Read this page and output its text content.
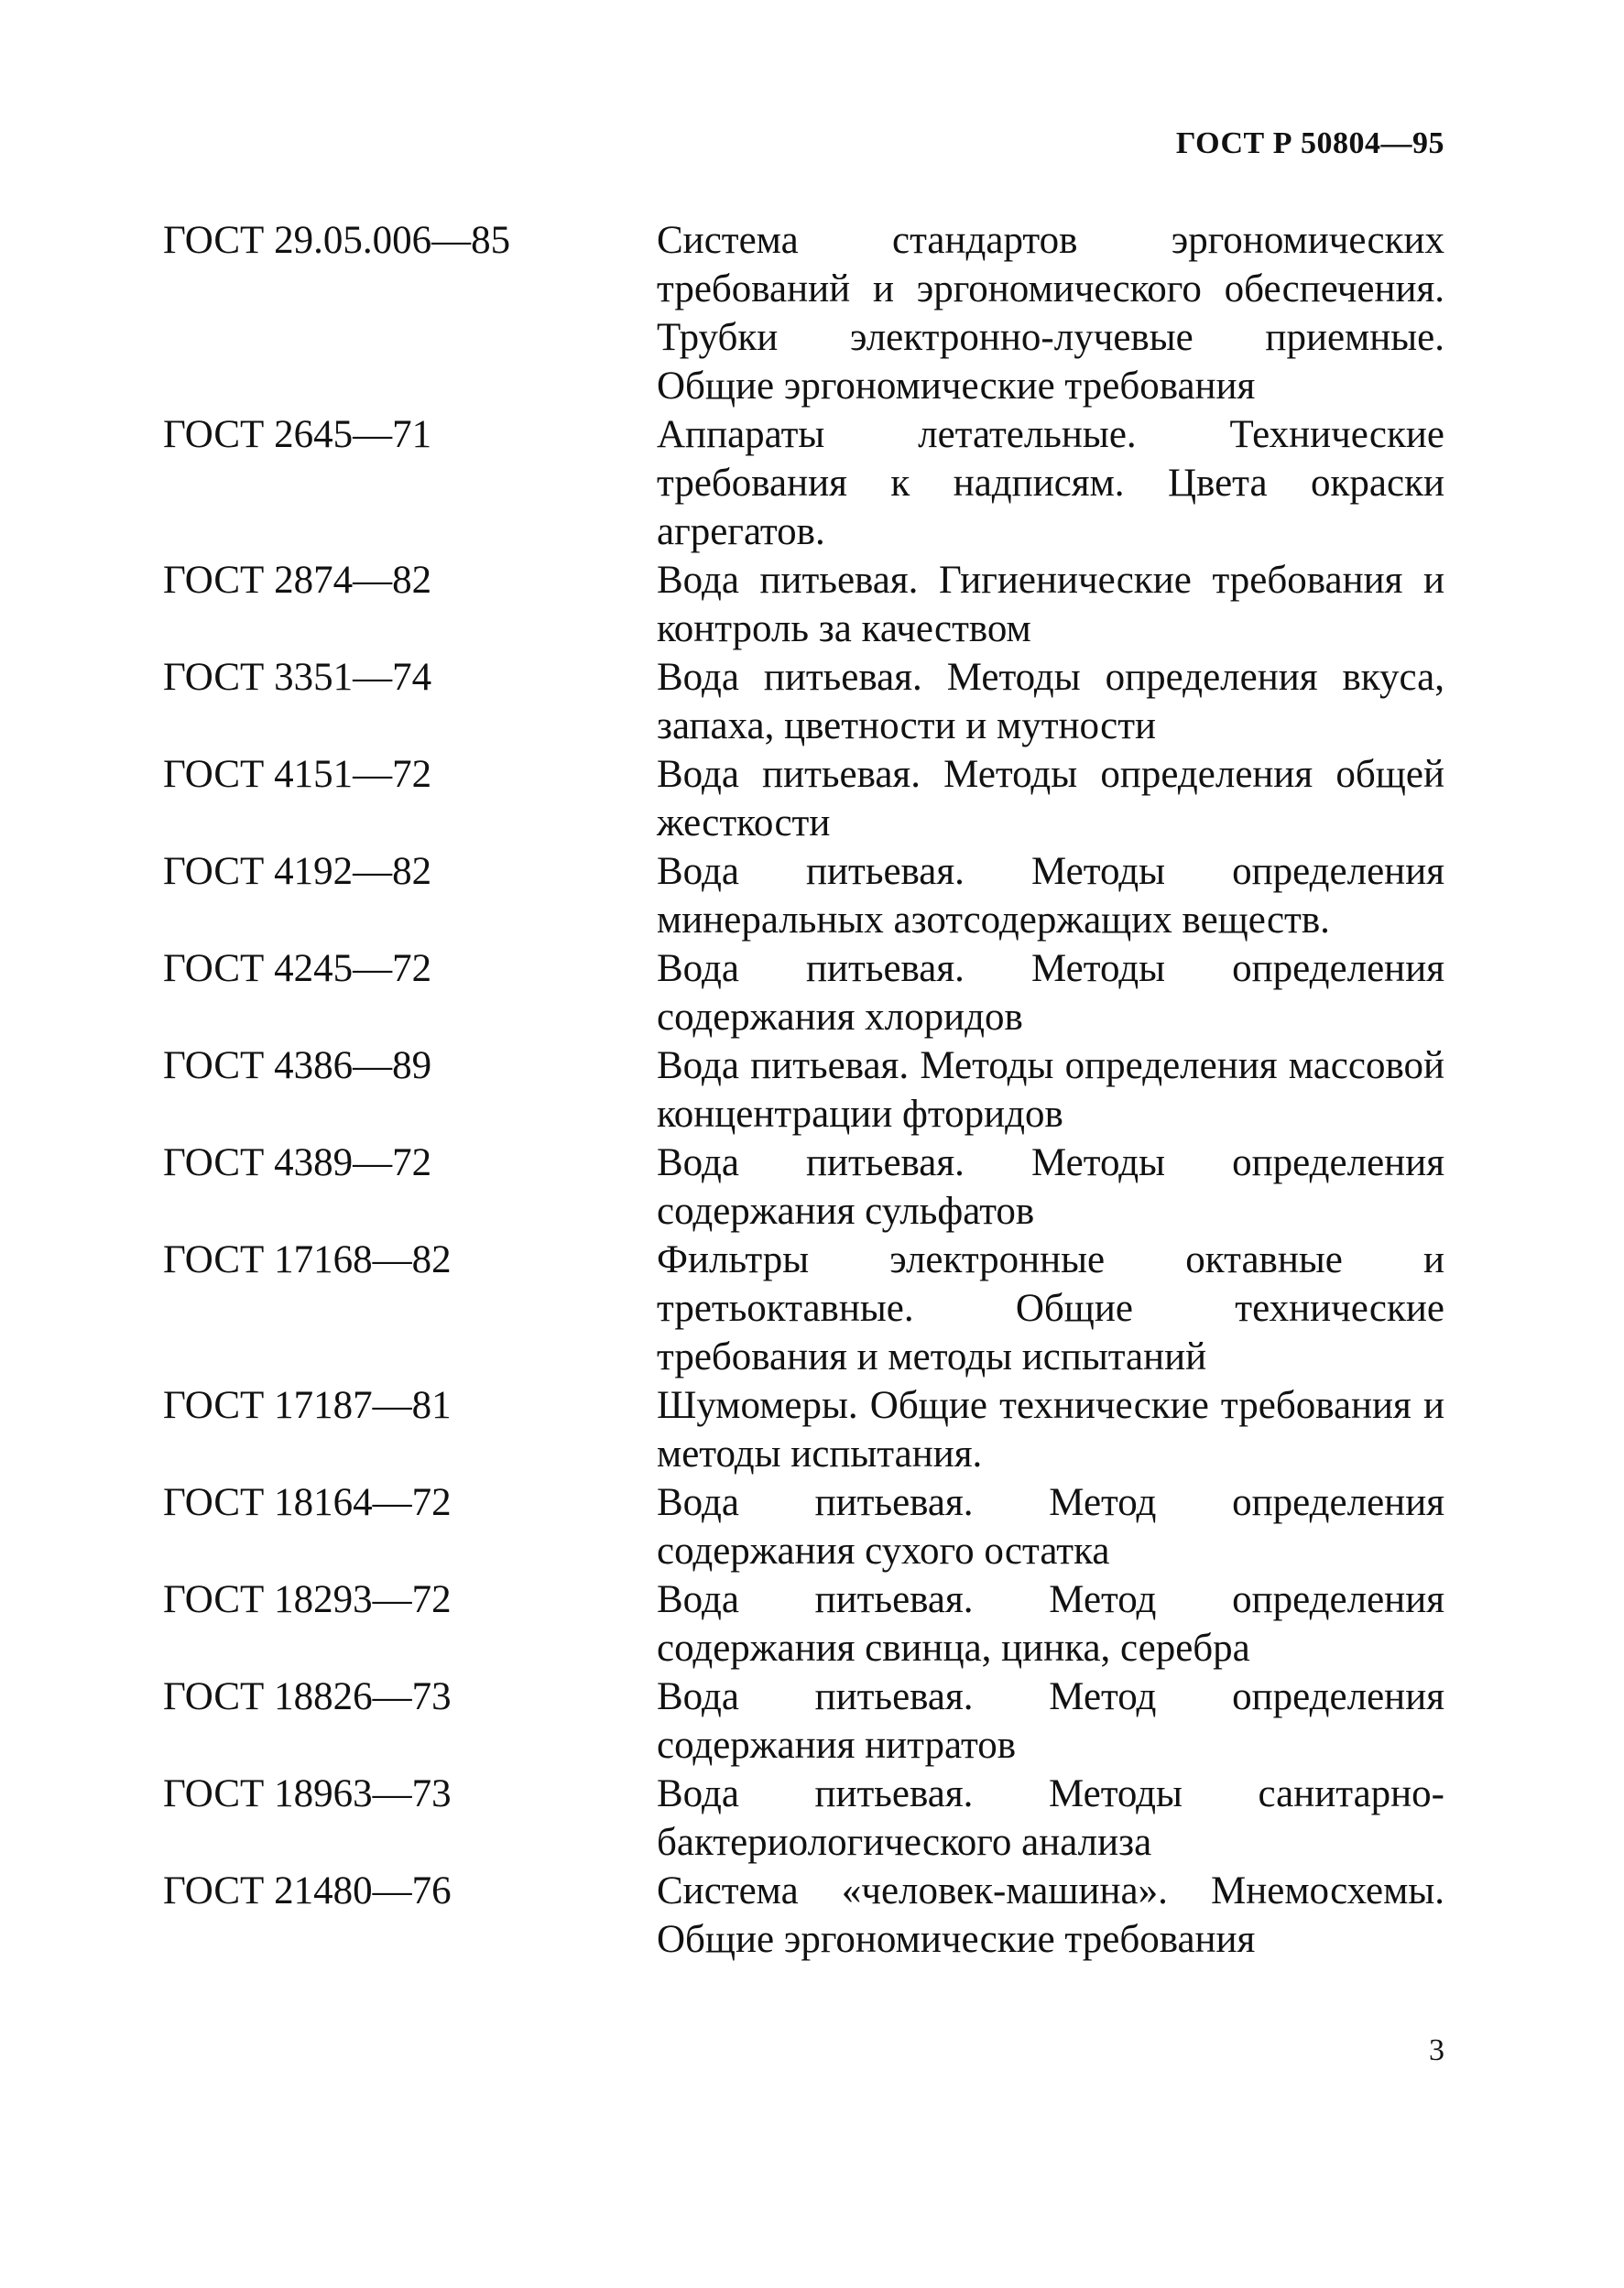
ГОСТ Р 50804—95
ГОСТ 29.05.006—85	Система стандартов эргономических требований и эргономического обеспечения. Трубки электронно-лучевые приемные. Общие эргономические требования
ГОСТ 2645—71	Аппараты летательные. Технические требования к надписям. Цвета окраски агрегатов.
ГОСТ 2874—82	Вода питьевая. Гигиенические требования и контроль за качеством
ГОСТ 3351—74	Вода питьевая. Методы определения вкуса, запаха, цветности и мутности
ГОСТ 4151—72	Вода питьевая. Методы определения общей жесткости
ГОСТ 4192—82	Вода питьевая. Методы определения минеральных азотсодержащих веществ.
ГОСТ 4245—72	Вода питьевая. Методы определения содержания хлоридов
ГОСТ 4386—89	Вода питьевая. Методы определения массовой концентрации фторидов
ГОСТ 4389—72	Вода питьевая. Методы определения содержания сульфатов
ГОСТ 17168—82	Фильтры электронные октавные и третьоктавные. Общие технические требования и методы испытаний
ГОСТ 17187—81	Шумомеры. Общие технические требования и методы испытания.
ГОСТ 18164—72	Вода питьевая. Метод определения содержания сухого остатка
ГОСТ 18293—72	Вода питьевая. Метод определения содержания свинца, цинка, серебра
ГОСТ 18826—73	Вода питьевая. Метод определения содержания нитратов
ГОСТ 18963—73	Вода питьевая. Методы санитарно-бактериологического анализа
ГОСТ 21480—76	Система «человек-машина». Мнемосхемы. Общие эргономические требования
3
